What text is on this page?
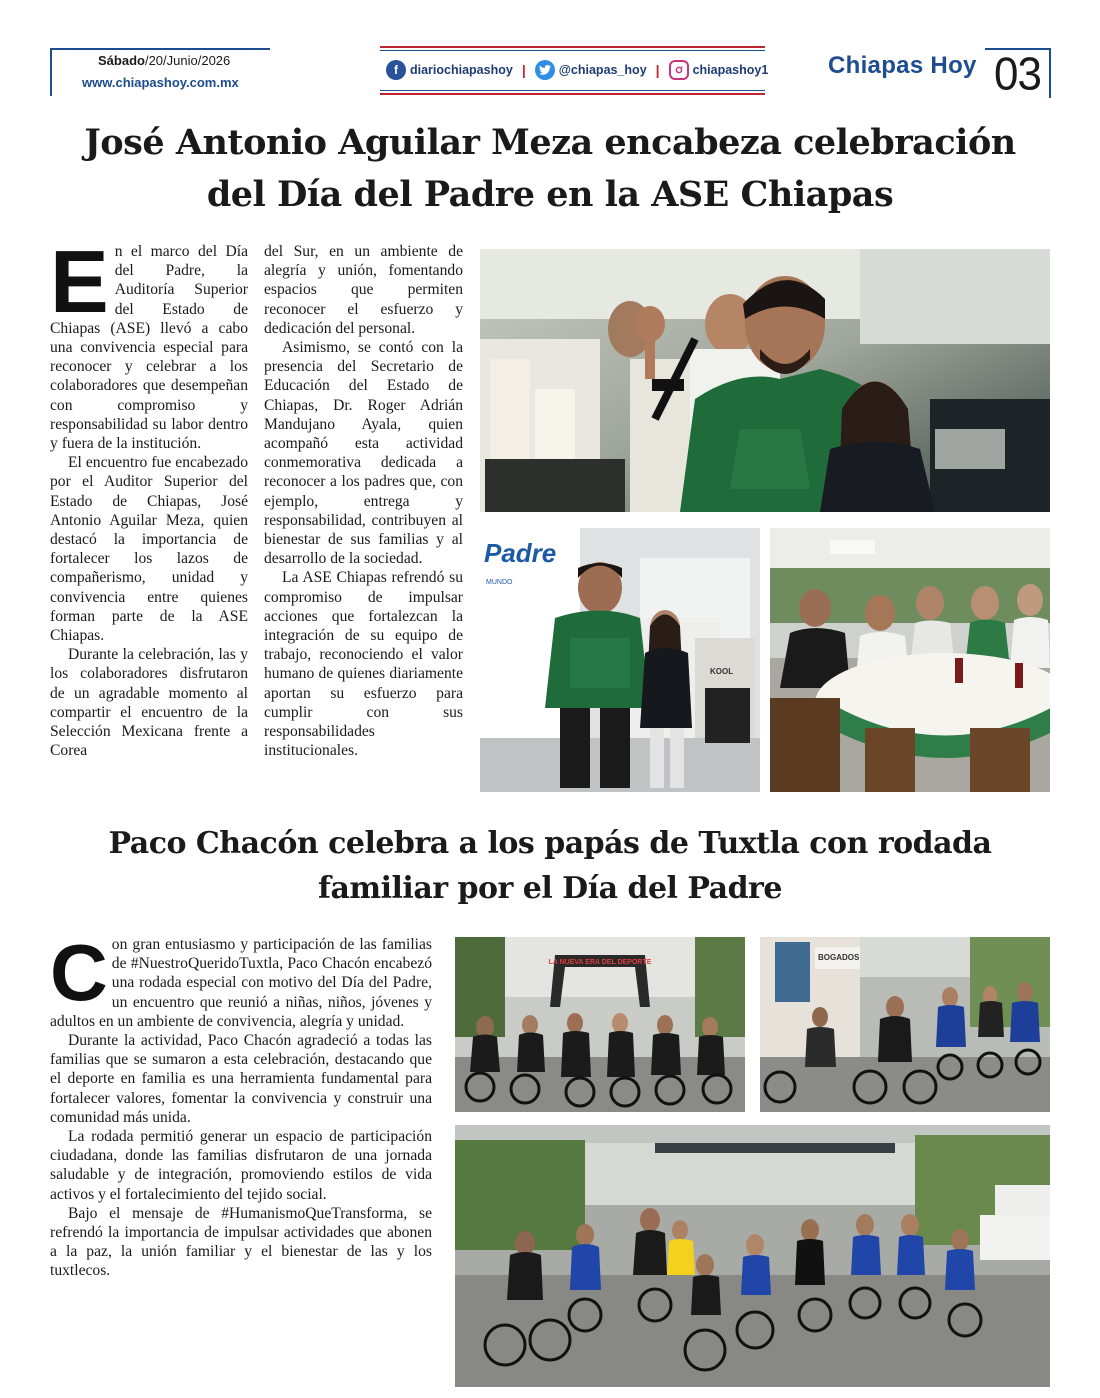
Sábado/20/Junio/2026
www.chiapashoy.com.mx
f diariochiapashoy |	@chiapas_hoy |	chiapashoy1 Chiapas Hoy 03
José Antonio Aguilar Meza encabeza celebración
del Día del Padre en la ASE Chiapas

En el marco del Día del Padre, la Auditoría Superior del Estado de Chiapas (ASE) llevó a cabo una convivencia especial para reconocer y celebrar a los colaboradores que desempeñan con compromiso y responsabilidad su labor dentro y fuera de la institución.

El encuentro fue encabezado por el Auditor Superior del Estado de Chiapas, José Antonio Aguilar Meza, quien destacó la importancia de fortalecer los lazos de compañerismo, unidad y convivencia entre quienes forman parte de la ASE Chiapas.

Durante la celebración, las y los colaboradores disfrutaron de un agradable momento al compartir el encuentro de la Selección Mexicana frente a Corea

del Sur, en un ambiente de alegría y unión, fomentando espacios que permiten reconocer el esfuerzo y dedicación del personal.

Asimismo, se contó con la presencia del Secretario de Educación del Estado de Chiapas, Dr. Roger Adrián Mandujano Ayala, quien acompañó esta actividad conmemorativa dedicada a reconocer a los padres que, con ejemplo, entrega y responsabilidad, contribuyen al bienestar de sus familias y al desarrollo de la sociedad.

La ASE Chiapas refrendó su compromiso de impulsar acciones que fortalezcan la integración de su equipo de trabajo, reconociendo el valor humano de quienes diariamente aportan su esfuerzo para cumplir con sus responsabilidades institucionales.

Padre
MUNDO
KOOL
Paco Chacón celebra a los papás de Tuxtla con rodada
familiar por el Día del Padre

Con gran entusiasmo y participación de las familias de #NuestroQueridoTuxtla, Paco Chacón encabezó una rodada especial con motivo del Día del Padre, un encuentro que reunió a niñas, niños, jóvenes y adultos en un ambiente de convivencia, alegría y unidad.

Durante la actividad, Paco Chacón agradeció a todas las familias que se sumaron a esta celebración, destacando que el deporte en familia es una herramienta fundamental para fortalecer valores, fomentar la convivencia y construir una comunidad más unida.

La rodada permitió generar un espacio de participación ciudadana, donde las familias disfrutaron de una jornada saludable y de integración, promoviendo estilos de vida activos y el fortalecimiento del tejido social.

Bajo el mensaje de #HumanismoQueTransforma, se refrendó la importancia de impulsar actividades que abonen a la paz, la unión familiar y el bienestar de las y los tuxtlecos.

LA NUEVA ERA DEL DEPORTE
BOGADOS
